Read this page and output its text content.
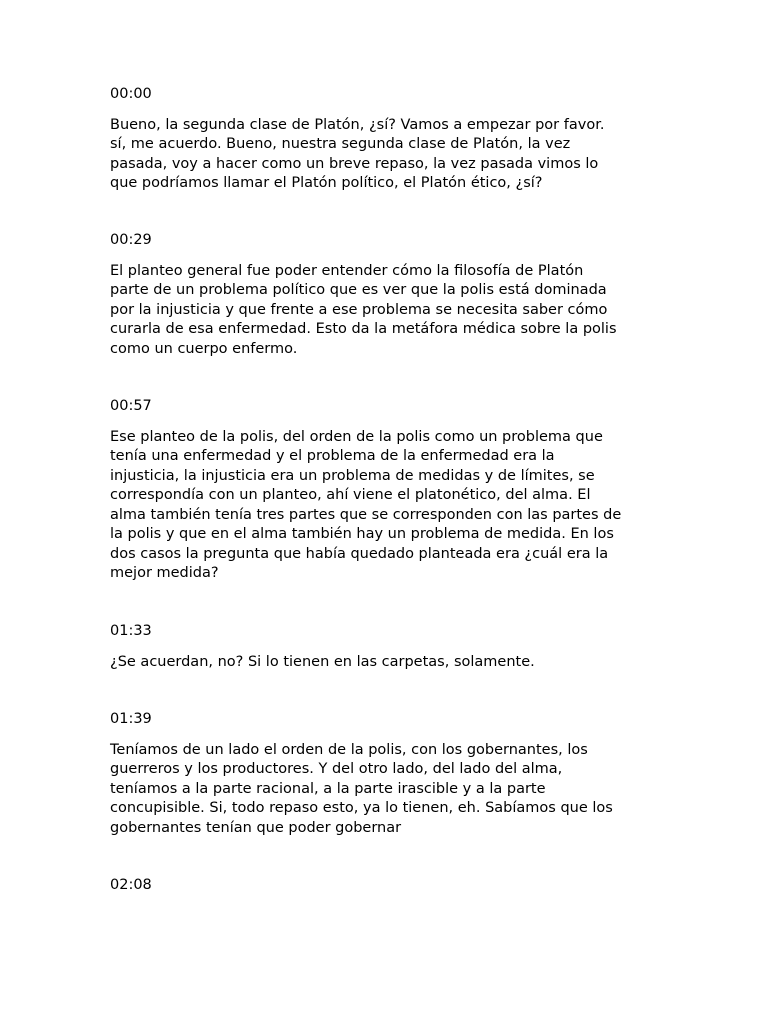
00:00

Bueno, la segunda clase de Platón, ¿sí? Vamos a empezar por favor.
sí, me acuerdo. Bueno, nuestra segunda clase de Platón, la vez
pasada, voy a hacer como un breve repaso, la vez pasada vimos lo
que podríamos llamar el Platón político, el Platón ético, ¿sí?

00:29

El planteo general fue poder entender cómo la filosofía de Platón
parte de un problema político que es ver que la polis está dominada
por la injusticia y que frente a ese problema se necesita saber cómo
curarla de esa enfermedad. Esto da la metáfora médica sobre la polis
como un cuerpo enfermo.

00:57

Ese planteo de la polis, del orden de la polis como un problema que
tenía una enfermedad y el problema de la enfermedad era la
injusticia, la injusticia era un problema de medidas y de límites, se
correspondía con un planteo, ahí viene el platonético, del alma. El
alma también tenía tres partes que se corresponden con las partes de
la polis y que en el alma también hay un problema de medida. En los
dos casos la pregunta que había quedado planteada era ¿cuál era la
mejor medida?

01:33

¿Se acuerdan, no? Si lo tienen en las carpetas, solamente.

01:39

Teníamos de un lado el orden de la polis, con los gobernantes, los
guerreros y los productores. Y del otro lado, del lado del alma,
teníamos a la parte racional, a la parte irascible y a la parte
concupisible. Si, todo repaso esto, ya lo tienen, eh. Sabíamos que los
gobernantes tenían que poder gobernar

02:08
